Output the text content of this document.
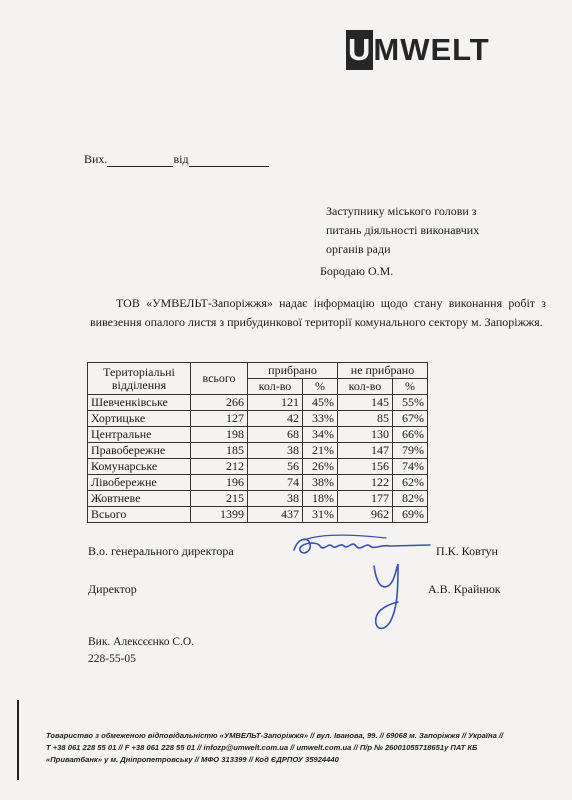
U MWELT
Вих.	від
Заступнику міського голови з
питань діяльності виконавчих
органів ради
Бородаю О.М.
ТОВ «УМВЕЛЬТ-Запоріжжя» надає інформацію щодо стану виконання робіт з вивезення опалого листя з прибудинкової території комунального сектору м. Запоріжжя.
Територіальні відділення	всього	прибрано		не прибрано	
		кол-во	%	кол-во	%
Шевченківське	266	121	45%	145	55%
Хортицьке	127	42	33%	85	67%
Центральне	198	68	34%	130	66%
Правобережне	185	38	21%	147	79%
Комунарське	212	56	26%	156	74%
Лівобережне	196	74	38%	122	62%
Жовтневе	215	38	18%	177	82%
Всього	1399	437	31%	962	69%
В.о. генерального директора	П.К. Ковтун
Директор	А.В. Крайнюк
Вик. Алексєєнко С.О.
228-55-05
Товариство з обмеженою відповідальністю «УМВЕЛЬТ-Запоріжжя» // вул. Іванова, 99. // 69068 м. Запоріжжя // Україна //
T +38 061 228 55 01 // F +38 061 228 55 01 // infozp@umwelt.com.ua // umwelt.com.ua // П/р № 26001055718651у ПАТ КБ
«Приватбанк» у м. Дніпропетровську // МФО 313399 // Код ЄДРПОУ 35924440
